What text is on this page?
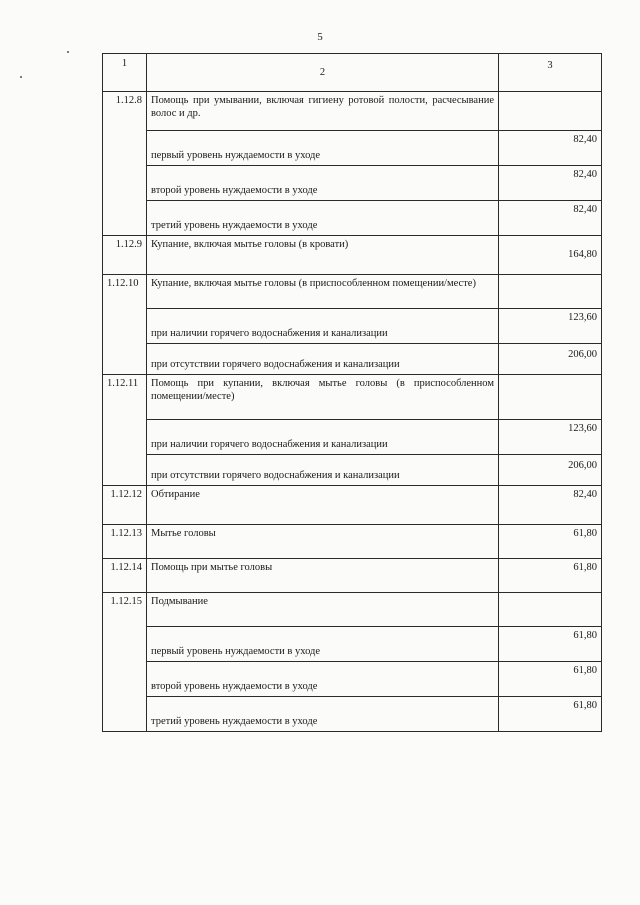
5
1	2	3
1.12.8	Помощь при умывании, включая гигиену ротовой полости, расчесывание волос и др.	
	первый уровень нуждаемости в уходе	82,40
	второй уровень нуждаемости в уходе	82,40
	третий уровень нуждаемости в уходе	82,40
1.12.9	Купание, включая мытье головы (в кровати)	164,80
1.12.10	Купание, включая мытье головы (в приспособленном помещении/месте)	
	при наличии горячего водоснабжения и канализации	123,60
	при отсутствии горячего водоснабжения и канализации	206,00
1.12.11	Помощь при купании, включая мытье головы (в приспособленном помещении/месте)	
	при наличии горячего водоснабжения и канализации	123,60
	при отсутствии горячего водоснабжения и канализации	206,00
1.12.12	Обтирание	82,40
1.12.13	Мытье головы	61,80
1.12.14	Помощь при мытье головы	61,80
1.12.15	Подмывание	
	первый уровень нуждаемости в уходе	61,80
	второй уровень нуждаемости в уходе	61,80
	третий уровень нуждаемости в уходе	61,80
